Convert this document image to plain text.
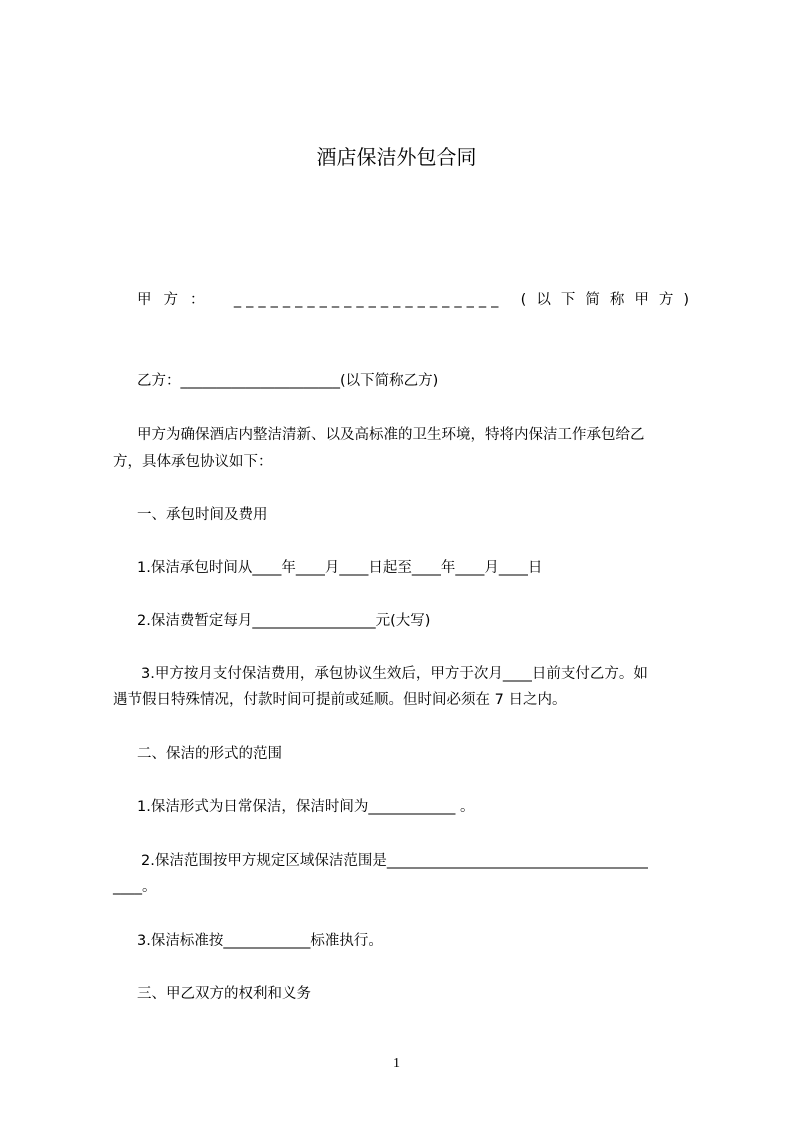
酒店保洁外包合同
甲方： ______________________ (以下简称甲方)
乙方：______________________(以下简称乙方)
甲方为确保酒店内整洁清新、以及高标准的卫生环境，特将内保洁工作承包给乙
方，具体承包协议如下：
一、承包时间及费用
1.保洁承包时间从____年____月____日起至____年____月____日
2.保洁费暂定每月_________________元(大写)
3.甲方按月支付保洁费用，承包协议生效后，甲方于次月____日前支付乙方。如
遇节假日特殊情况，付款时间可提前或延顺。但时间必须在 7 日之内。
二、保洁的形式的范围
1.保洁形式为日常保洁，保洁时间为____________ 。
2.保洁范围按甲方规定区域保洁范围是____________________________________
____。
3.保洁标准按____________标准执行。
三、甲乙双方的权利和义务
1
